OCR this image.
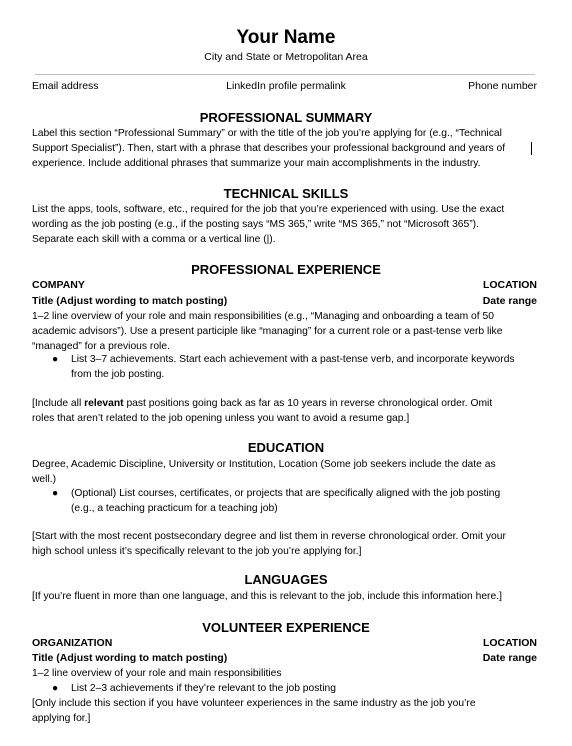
Your Name
City and State or Metropolitan Area
Email address	LinkedIn profile permalink	Phone number
PROFESSIONAL SUMMARY
Label this section “Professional Summary” or with the title of the job you’re applying for (e.g., “Technical
Support Specialist”). Then, start with a phrase that describes your professional background and years of
experience. Include additional phrases that summarize your main accomplishments in the industry.
TECHNICAL SKILLS
List the apps, tools, software, etc., required for the job that you’re experienced with using. Use the exact
wording as the job posting (e.g., if the posting says “MS 365,” write “MS 365,” not “Microsoft 365”).
Separate each skill with a comma or a vertical line (|).
PROFESSIONAL EXPERIENCE
COMPANY	LOCATION
Title (Adjust wording to match posting)	Date range
1–2 line overview of your role and main responsibilities (e.g., “Managing and onboarding a team of 50
academic advisors”). Use a present participle like “managing” for a current role or a past-tense verb like
“managed” for a previous role.
● List 3–7 achievements. Start each achievement with a past-tense verb, and incorporate keywords
from the job posting.
[Include all relevant past positions going back as far as 10 years in reverse chronological order. Omit
roles that aren’t related to the job opening unless you want to avoid a resume gap.]
EDUCATION
Degree, Academic Discipline, University or Institution, Location (Some job seekers include the date as
well.)
● (Optional) List courses, certificates, or projects that are specifically aligned with the job posting
(e.g., a teaching practicum for a teaching job)
[Start with the most recent postsecondary degree and list them in reverse chronological order. Omit your
high school unless it’s specifically relevant to the job you’re applying for.]
LANGUAGES
[If you’re fluent in more than one language, and this is relevant to the job, include this information here.]
VOLUNTEER EXPERIENCE
ORGANIZATION	LOCATION
Title (Adjust wording to match posting)	Date range
1–2 line overview of your role and main responsibilities
● List 2–3 achievements if they’re relevant to the job posting
[Only include this section if you have volunteer experiences in the same industry as the job you’re
applying for.]
